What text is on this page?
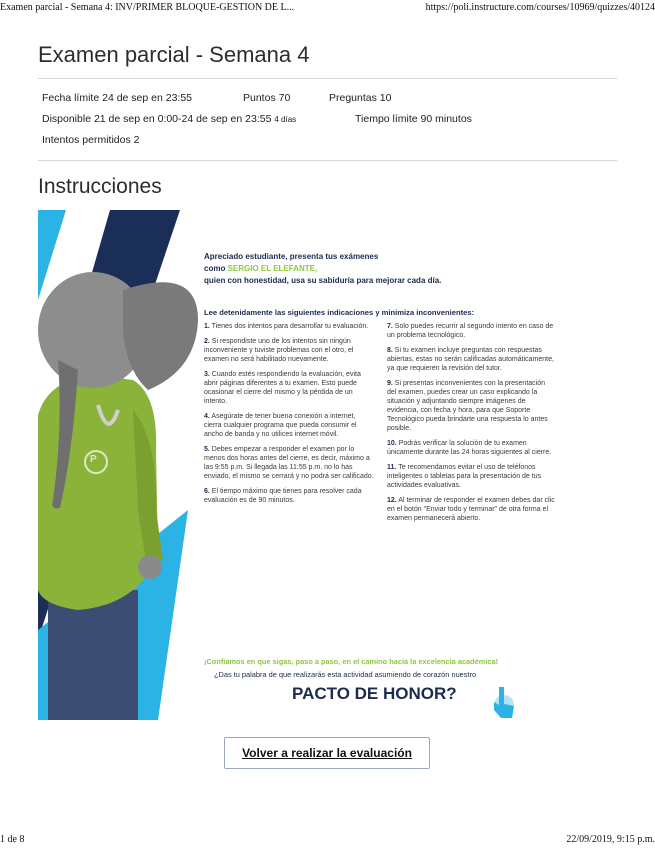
Examen parcial - Semana 4: INV/PRIMER BLOQUE-GESTION DE L...	https://poli.instructure.com/courses/10969/quizzes/40124
Examen parcial - Semana 4
Fecha límite 24 de sep en 23:55	Puntos 70	Preguntas 10
Disponible 21 de sep en 0:00-24 de sep en 23:55 4 días	Tiempo límite 90 minutos
Intentos permitidos 2
Instrucciones
P
Apreciado estudiante, presenta tus exámenes
como SERGIO EL ELEFANTE,
quien con honestidad, usa su sabiduría para mejorar cada día.
Lee detenidamente las siguientes indicaciones y minimiza inconvenientes:

1. Tienes dos intentos para desarrollar tu evaluación.

2. Si respondiste uno de los intentos sin ningún inconveniente y tuviste problemas con el otro, el examen no será habilitado nuevamente.

3. Cuando estés respondiendo la evaluación, evita abrir páginas diferentes a tu examen. Esto puede ocasionar el cierre del mismo y la pérdida de un intento.

4. Asegúrate de tener buena conexión a internet, cierra cualquier programa que pueda consumir el ancho de banda y no utilices internet móvil.

5. Debes empezar a responder el examen por lo menos dos horas antes del cierre, es decir, máximo a las 9:55 p.m. Si llegada las 11:55 p.m. no lo has enviado, el mismo se cerrará y no podrá ser calificado.

6. El tiempo máximo que tienes para resolver cada evaluación es de 90 minutos.

7. Solo puedes recurrir al segundo intento en caso de un problema tecnológico.

8. Si tu examen incluye preguntas con respuestas abiertas, estas no serán calificadas automáticamente, ya que requieren la revisión del tutor.

9. Si presentas inconvenientes con la presentación del examen, puedes crear un caso explicando la situación y adjuntando siempre imágenes de evidencia, con fecha y hora, para que Soporte Tecnológico pueda brindarte una respuesta lo antes posible.

10. Podrás verificar la solución de tu examen únicamente durante las 24 horas siguientes al cierre.

11. Te recomendamos evitar el uso de teléfonos inteligentes o tabletas para la presentación de tus actividades evaluativas.

12. Al terminar de responder el examen debes dar clic en el botón "Enviar todo y terminar" de otra forma el examen permanecerá abierto.

¡Confiamos en que sigas, paso a paso, en el camino hacia la excelencia académica!
¿Das tu palabra de que realizarás esta actividad asumiendo de corazón nuestro
PACTO DE HONOR?
Volver a realizar la evaluación
1 de 8	22/09/2019, 9:15 p.m.
